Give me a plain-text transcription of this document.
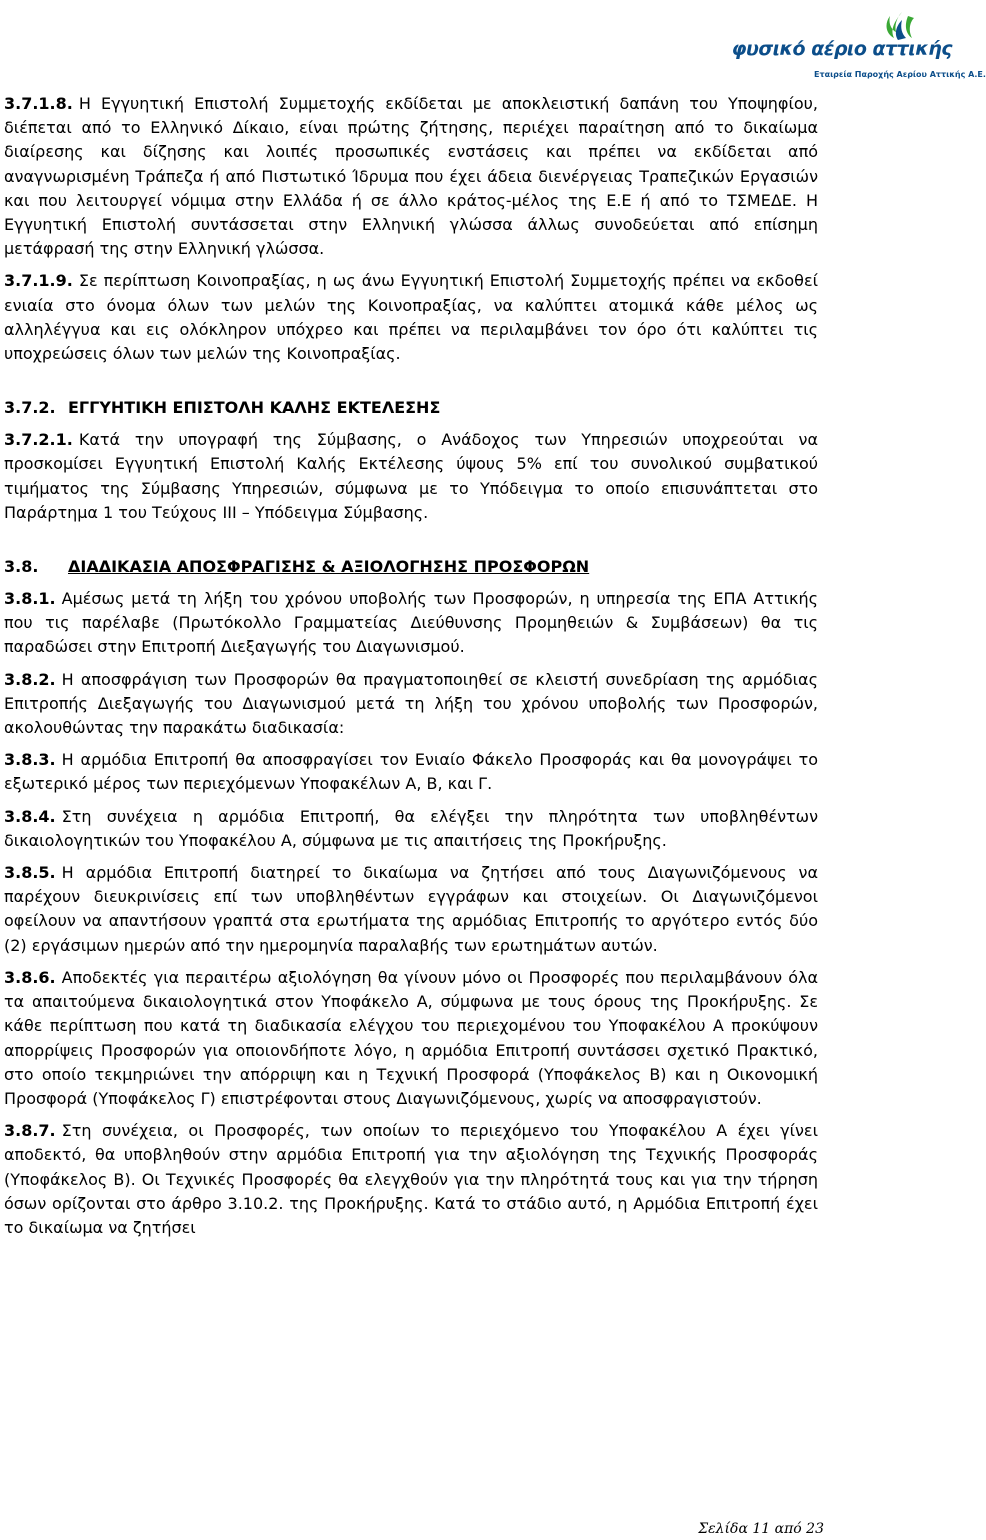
φυσικό αέριο αττικής
Εταιρεία Παροχής Αερίου Αττικής Α.Ε.

3.7.1.8. Η Εγγυητική Επιστολή Συμμετοχής εκδίδεται με αποκλειστική δαπάνη του Υποψηφίου, διέπεται από το Ελληνικό Δίκαιο, είναι πρώτης ζήτησης, περιέχει παραίτηση από το δικαίωμα διαίρεσης και δίζησης και λοιπές προσωπικές ενστάσεις και πρέπει να εκδίδεται από αναγνωρισμένη Τράπεζα ή από Πιστωτικό Ίδρυμα που έχει άδεια διενέργειας Τραπεζικών Εργασιών και που λειτουργεί νόμιμα στην Ελλάδα ή σε άλλο κράτος-μέλος της Ε.Ε ή από το ΤΣΜΕΔΕ. Η Εγγυητική Επιστολή συντάσσεται στην Ελληνική γλώσσα άλλως συνοδεύεται από επίσημη μετάφρασή της στην Ελληνική γλώσσα.

3.7.1.9. Σε περίπτωση Κοινοπραξίας, η ως άνω Εγγυητική Επιστολή Συμμετοχής πρέπει να εκδοθεί ενιαία στο όνομα όλων των μελών της Κοινοπραξίας, να καλύπτει ατομικά κάθε μέλος ως αλληλέγγυα και εις ολόκληρον υπόχρεο και πρέπει να περιλαμβάνει τον όρο ότι καλύπτει τις υποχρεώσεις όλων των μελών της Κοινοπραξίας.

3.7.2. ΕΓΓΥΗΤΙΚΗ ΕΠΙΣΤΟΛΗ ΚΑΛΗΣ ΕΚΤΕΛΕΣΗΣ

3.7.2.1. Κατά την υπογραφή της Σύμβασης, ο Ανάδοχος των Υπηρεσιών υποχρεούται να προσκομίσει Εγγυητική Επιστολή Καλής Εκτέλεσης ύψους 5% επί του συνολικού συμβατικού τιμήματος της Σύμβασης Υπηρεσιών, σύμφωνα με το Υπόδειγμα το οποίο επισυνάπτεται στο Παράρτημα 1 του Τεύχους ΙΙΙ – Υπόδειγμα Σύμβασης.

3.8. ΔΙΑΔΙΚΑΣΙΑ ΑΠΟΣΦΡΑΓΙΣΗΣ & ΑΞΙΟΛΟΓΗΣΗΣ ΠΡΟΣΦΟΡΩΝ

3.8.1. Αμέσως μετά τη λήξη του χρόνου υποβολής των Προσφορών, η υπηρεσία της ΕΠΑ Αττικής που τις παρέλαβε (Πρωτόκολλο Γραμματείας Διεύθυνσης Προμηθειών & Συμβάσεων) θα τις παραδώσει στην Επιτροπή Διεξαγωγής του Διαγωνισμού.

3.8.2. Η αποσφράγιση των Προσφορών θα πραγματοποιηθεί σε κλειστή συνεδρίαση της αρμόδιας Επιτροπής Διεξαγωγής του Διαγωνισμού μετά τη λήξη του χρόνου υποβολής των Προσφορών, ακολουθώντας την παρακάτω διαδικασία:

3.8.3. Η αρμόδια Επιτροπή θα αποσφραγίσει τον Ενιαίο Φάκελο Προσφοράς και θα μονογράψει το εξωτερικό μέρος των περιεχόμενων Υποφακέλων Α, Β, και Γ.

3.8.4. Στη συνέχεια η αρμόδια Επιτροπή, θα ελέγξει την πληρότητα των υποβληθέντων δικαιολογητικών του Υποφακέλου Α, σύμφωνα με τις απαιτήσεις της Προκήρυξης.

3.8.5. Η αρμόδια Επιτροπή διατηρεί το δικαίωμα να ζητήσει από τους Διαγωνιζόμενους να παρέχουν διευκρινίσεις επί των υποβληθέντων εγγράφων και στοιχείων. Οι Διαγωνιζόμενοι οφείλουν να απαντήσουν γραπτά στα ερωτήματα της αρμόδιας Επιτροπής το αργότερο εντός δύο (2) εργάσιμων ημερών από την ημερομηνία παραλαβής των ερωτημάτων αυτών.

3.8.6. Αποδεκτές για περαιτέρω αξιολόγηση θα γίνουν μόνο οι Προσφορές που περιλαμβάνουν όλα τα απαιτούμενα δικαιολογητικά στον Υποφάκελο Α, σύμφωνα με τους όρους της Προκήρυξης. Σε κάθε περίπτωση που κατά τη διαδικασία ελέγχου του περιεχομένου του Υποφακέλου Α προκύψουν απορρίψεις Προσφορών για οποιονδήποτε λόγο, η αρμόδια Επιτροπή συντάσσει σχετικό Πρακτικό, στο οποίο τεκμηριώνει την απόρριψη και η Τεχνική Προσφορά (Υποφάκελος Β) και η Οικονομική Προσφορά (Υποφάκελος Γ) επιστρέφονται στους Διαγωνιζόμενους, χωρίς να αποσφραγιστούν.

3.8.7. Στη συνέχεια, οι Προσφορές, των οποίων το περιεχόμενο του Υποφακέλου Α έχει γίνει αποδεκτό, θα υποβληθούν στην αρμόδια Επιτροπή για την αξιολόγηση της Τεχνικής Προσφοράς (Υποφάκελος Β). Οι Τεχνικές Προσφορές θα ελεγχθούν για την πληρότητά τους και για την τήρηση όσων ορίζονται στο άρθρο 3.10.2. της Προκήρυξης. Κατά το στάδιο αυτό, η Αρμόδια Επιτροπή έχει το δικαίωμα να ζητήσει

Σελίδα 11 από 23
